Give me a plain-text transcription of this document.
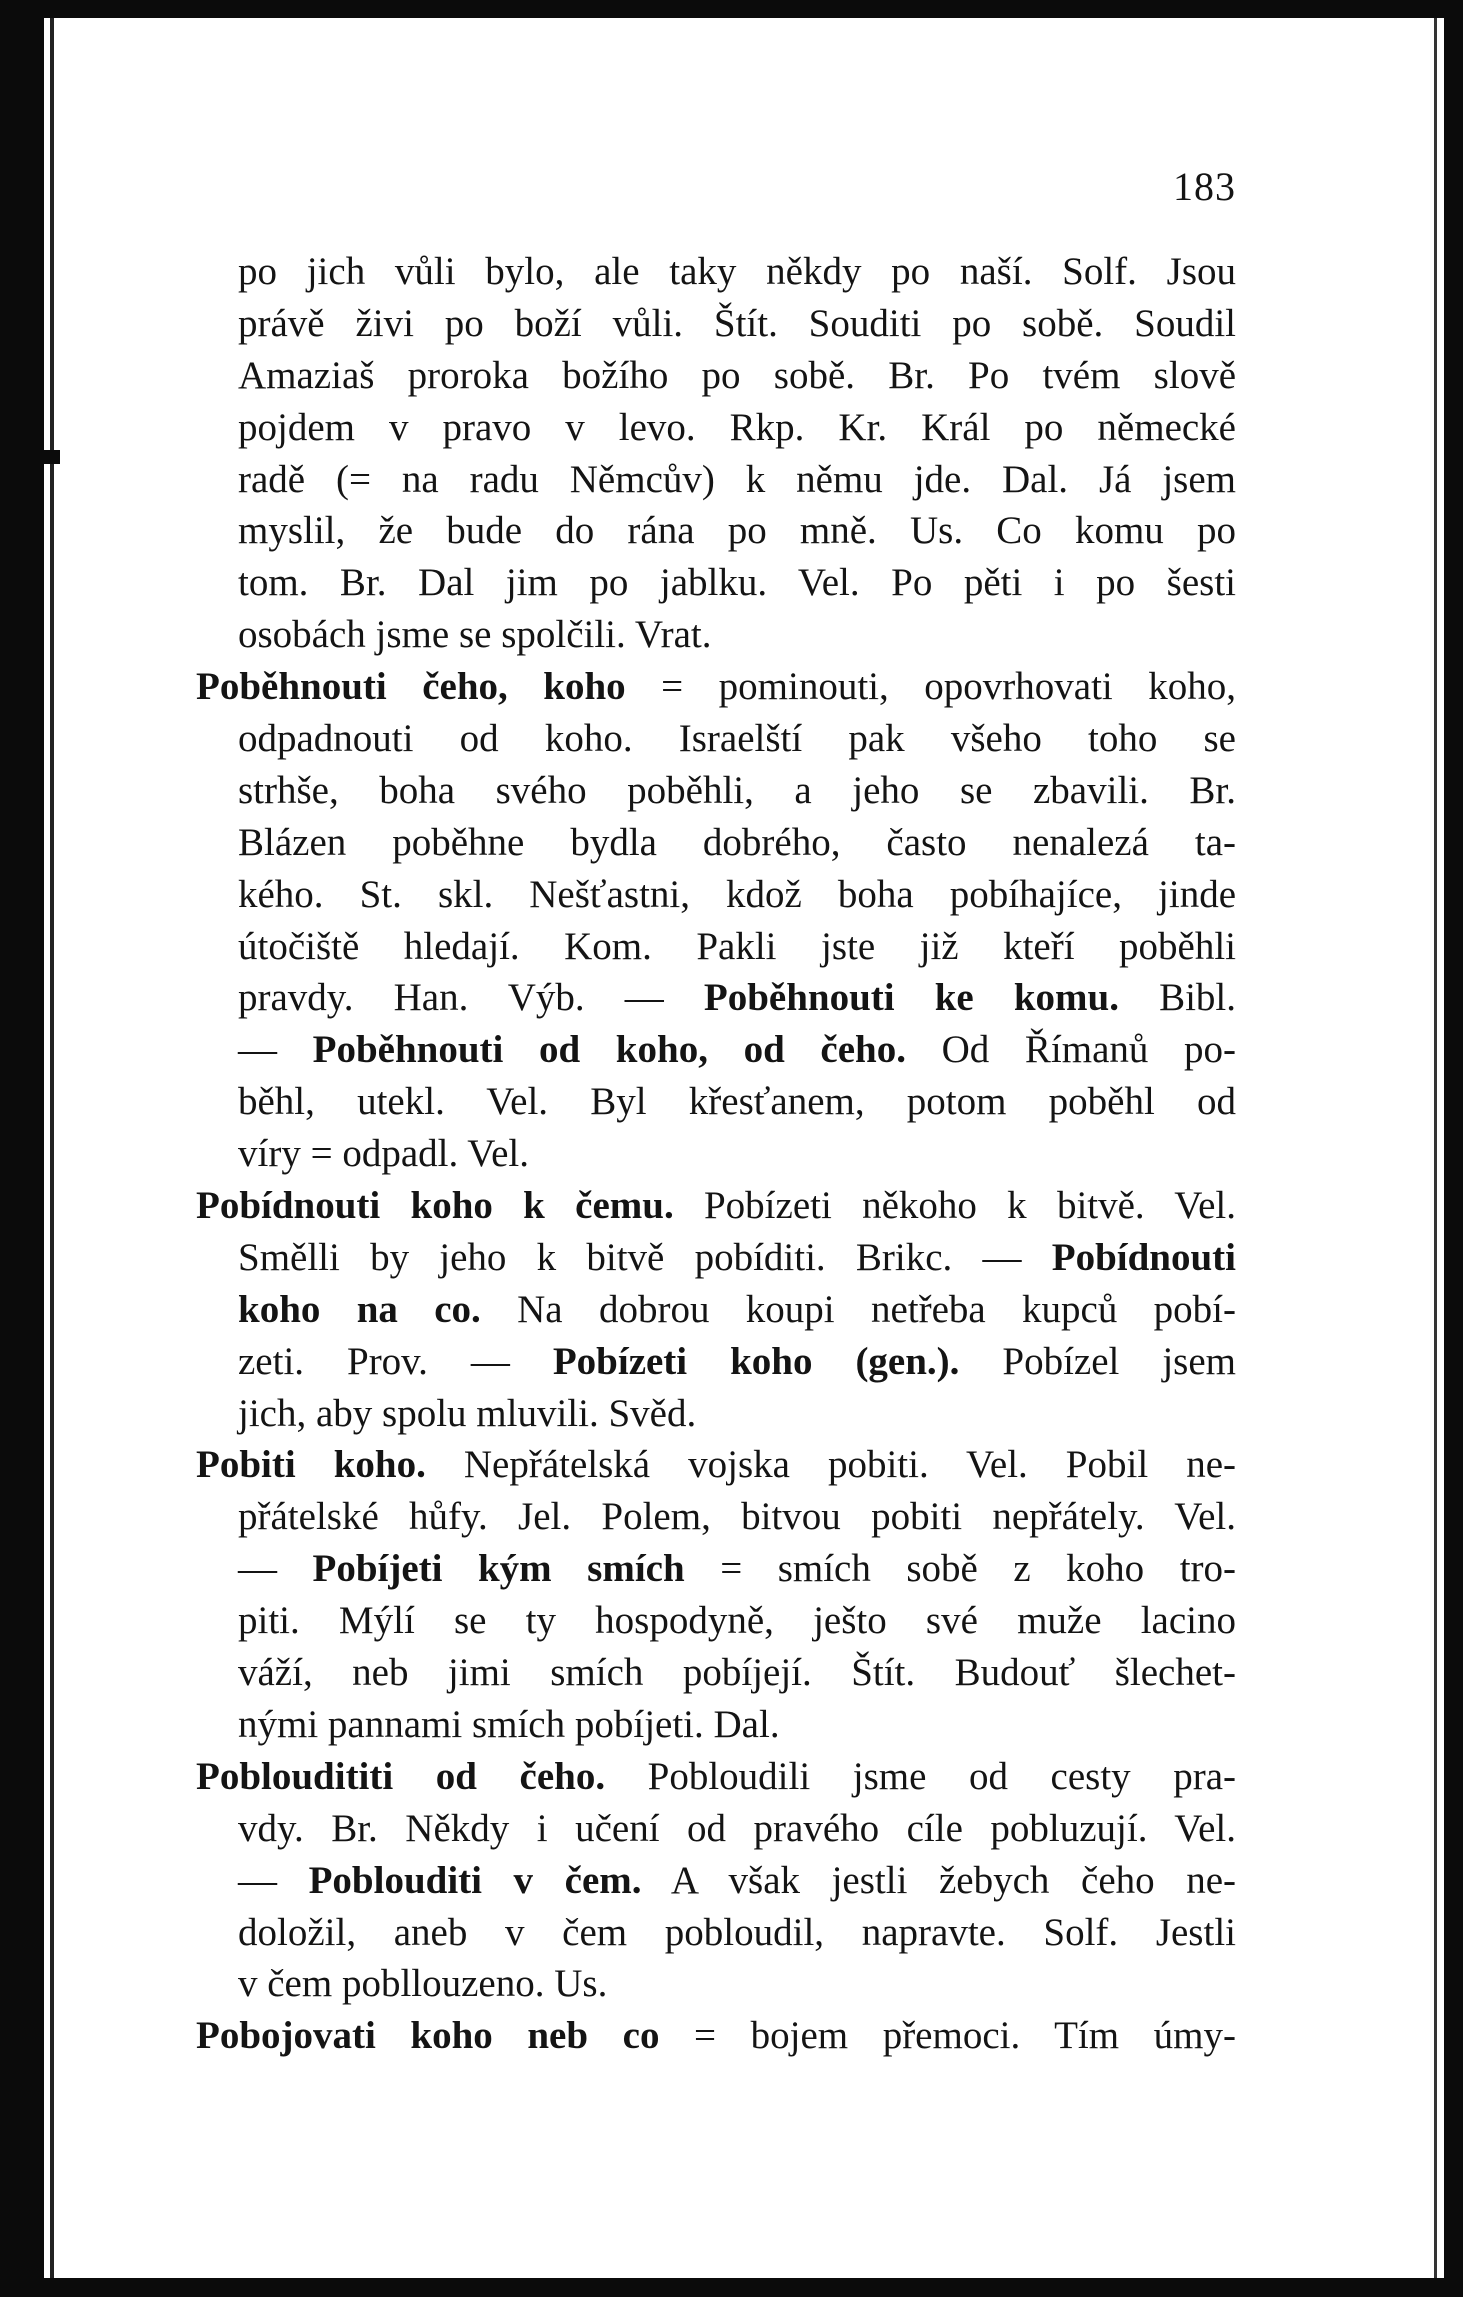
183
po jich vůli bylo, ale taky někdy po naší. Solf. Jsou
právě živi po boží vůli. Štít. Souditi po sobě. Soudil
Amaziaš proroka božího po sobě. Br. Po tvém slově
pojdem v pravo v levo. Rkp. Kr. Král po německé
radě (= na radu Němcův) k němu jde. Dal. Já jsem
myslil, že bude do rána po mně. Us. Co komu po
tom. Br. Dal jim po jablku. Vel. Po pěti i po šesti
osobách jsme se spolčili. Vrat.
Poběhnouti čeho, koho = pominouti, opovrhovati koho,
odpadnouti od koho. Israelští pak všeho toho se
strhše, boha svého poběhli, a jeho se zbavili. Br.
Blázen poběhne bydla dobrého, často nenalezá ta-
kého. St. skl. Nešťastni, kdož boha pobíhajíce, jinde
útočiště hledají. Kom. Pakli jste již kteří poběhli
pravdy. Han. Výb. — Poběhnouti ke komu. Bibl.
— Poběhnouti od koho, od čeho. Od Římanů po-
běhl, utekl. Vel. Byl křesťanem, potom poběhl od
víry = odpadl. Vel.
Pobídnouti koho k čemu. Pobízeti někoho k bitvě. Vel.
Smělli by jeho k bitvě pobíditi. Brikc. — Pobídnouti
koho na co. Na dobrou koupi netřeba kupců pobí-
zeti. Prov. — Pobízeti koho (gen.). Pobízel jsem
jich, aby spolu mluvili. Svěd.
Pobiti koho. Nepřátelská vojska pobiti. Vel. Pobil ne-
přátelské hůfy. Jel. Polem, bitvou pobiti nepřátely. Vel.
— Pobíjeti kým smích = smích sobě z koho tro-
piti. Mýlí se ty hospodyně, ješto své muže lacino
váží, neb jimi smích pobíjejí. Štít. Budouť šlechet-
nými pannami smích pobíjeti. Dal.
Pobloudititi od čeho. Pobloudili jsme od cesty pra-
vdy. Br. Někdy i učení od pravého cíle pobluzují. Vel.
— Poblouditi v čem. A však jestli žebych čeho ne-
doložil, aneb v čem pobloudil, napravte. Solf. Jestli
v čem pobllouzeno. Us.
Pobojovati koho neb co = bojem přemoci. Tím úmy-
